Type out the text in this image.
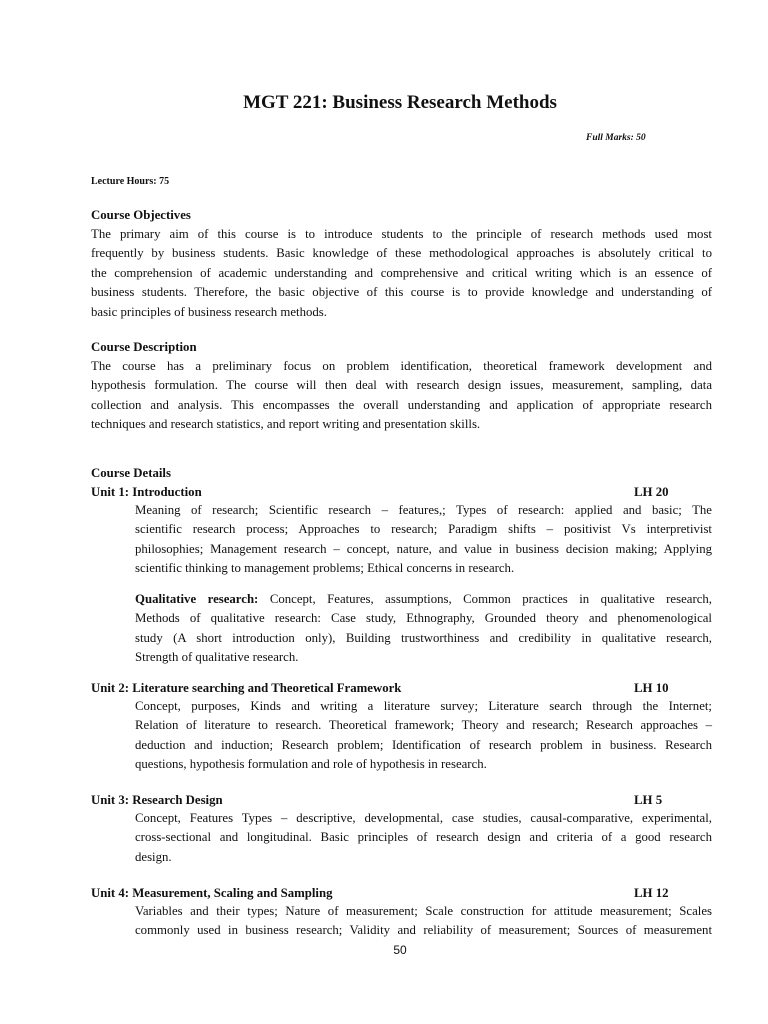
MGT 221: Business Research Methods
Full Marks: 50
Lecture Hours: 75
Course Objectives
The primary aim of this course is to introduce students to the principle of research methods used most
frequently by business students. Basic knowledge of these methodological approaches is absolutely critical to
the comprehension of academic understanding and comprehensive and critical writing which is an essence of
business students. Therefore, the basic objective of this course is to provide knowledge and understanding of
basic principles of business research methods.
Course Description
The course has a preliminary focus on problem identification, theoretical framework development and
hypothesis formulation. The course will then deal with research design issues, measurement, sampling, data
collection and analysis. This encompasses the overall understanding and application of appropriate research
techniques and research statistics, and report writing and presentation skills.
Course Details
Unit 1: Introduction	LH 20
Meaning of research; Scientific research – features,; Types of research: applied and basic; The
scientific research process; Approaches to research; Paradigm shifts – positivist Vs interpretivist
philosophies; Management research – concept, nature, and value in business decision making; Applying
scientific thinking to management problems; Ethical concerns in research.
Qualitative research: Concept, Features, assumptions, Common practices in qualitative research,
Methods of qualitative research: Case study, Ethnography, Grounded theory and phenomenological
study (A short introduction only), Building trustworthiness and credibility in qualitative research,
Strength of qualitative research.
Unit 2: Literature searching and Theoretical Framework	LH 10
Concept, purposes, Kinds and writing a literature survey; Literature search through the Internet;
Relation of literature to research. Theoretical framework; Theory and research; Research approaches –
deduction and induction; Research problem; Identification of research problem in business. Research
questions, hypothesis formulation and role of hypothesis in research.
Unit 3: Research Design	LH 5
Concept, Features Types – descriptive, developmental, case studies, causal-comparative, experimental,
cross-sectional and longitudinal. Basic principles of research design and criteria of a good research
design.
Unit 4: Measurement, Scaling and Sampling	LH 12
Variables and their types; Nature of measurement; Scale construction for attitude measurement; Scales
commonly used in business research; Validity and reliability of measurement; Sources of measurement
50
